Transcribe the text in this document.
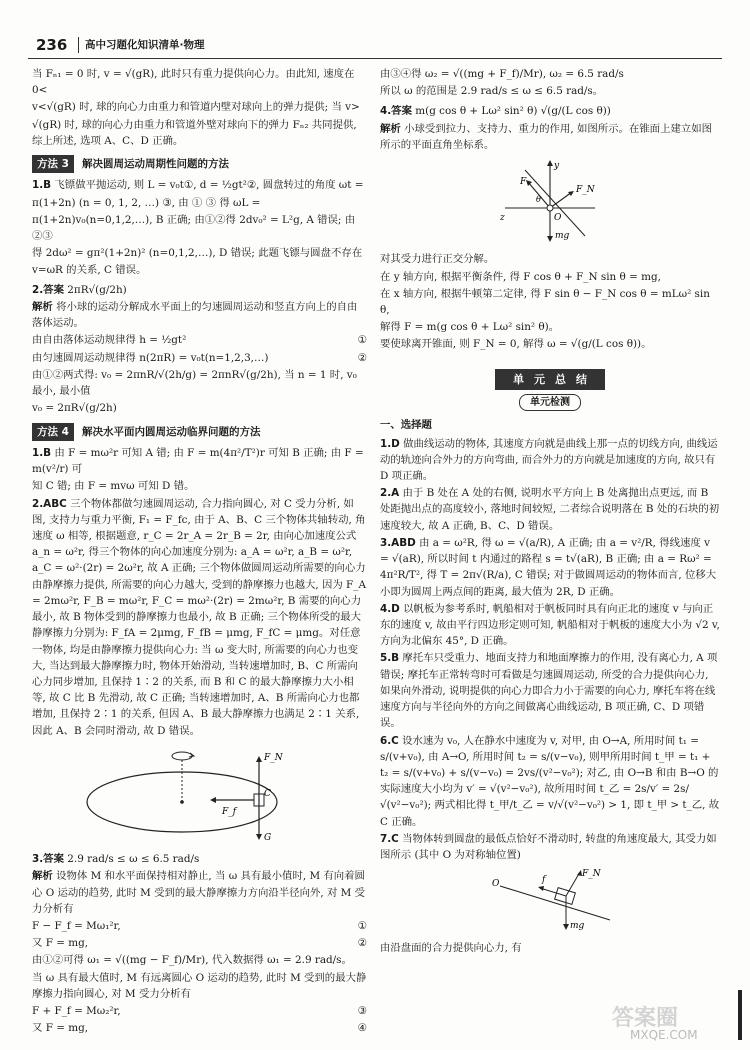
236	高中习题化知识清单·物理

当 Fₙ₁ = 0 时, v = √(gR), 此时只有重力提供向心力。由此知, 速度在 0<

v<√(gR) 时, 球的向心力由重力和管道内壁对球向上的弹力提供; 当 v>

√(gR) 时, 球的向心力由重力和管道外壁对球向下的弹力 Fₙ₂ 共同提供, 综上所述, 选项 A、C、D 正确。

方法 3	解决圆周运动周期性问题的方法

1.B 飞镖做平抛运动, 则 L = v₀t①, d = ½gt²②, 圆盘转过的角度 ωt =

π(1+2n) (n = 0, 1, 2, …) ③, 由 ① ③ 得 ωL =

π(1+2n)v₀(n=0,1,2,…), B 正确; 由①②得 2dv₀² = L²g, A 错误; 由②③

得 2dω² = gπ²(1+2n)² (n=0,1,2,…), D 错误; 此题飞镖与圆盘不存在 v=ωR 的关系, C 错误。

2.答案 2πR√(g/2h)

解析 将小球的运动分解成水平面上的匀速圆周运动和竖直方向上的自由落体运动。

由自由落体运动规律得 h = ½gt²	①

由匀速圆周运动规律得 n(2πR) = v₀t(n=1,2,3,…)	②

由①②两式得: v₀ = 2πnR/√(2h/g) = 2πnR√(g/2h), 当 n = 1 时, v₀ 最小, 最小值

v₀ = 2πR√(g/2h)

方法 4	解决水平面内圆周运动临界问题的方法

1.B 由 F = mω²r 可知 A 错; 由 F = m(4π²/T²)r 可知 B 正确; 由 F = m(v²/r) 可

知 C 错; 由 F = mvω 可知 D 错。

2.ABC 三个物体都做匀速圆周运动, 合力指向圆心, 对 C 受力分析, 如图, 支持力与重力平衡, F₁ = F_fc, 由于 A、B、C 三个物体共轴转动, 角速度 ω 相等, 根据题意, r_C = 2r_A = 2r_B = 2r, 由向心加速度公式 a_n = ω²r, 得三个物体的向心加速度分别为: a_A = ω²r, a_B = ω²r, a_C = ω²·(2r) = 2ω²r, 故 A 正确; 三个物体做圆周运动所需要的向心力由静摩擦力提供, 所需要的向心力越大, 受到的静摩擦力也越大, 因为 F_A = 2mω²r, F_B = mω²r, F_C = mω²·(2r) = 2mω²r, B 需要的向心力最小, 故 B 物体受到的静摩擦力也最小, 故 B 正确; 三个物体所受的最大静摩擦力分别为: F_fA = 2μmg, F_fB = μmg, F_fC = μmg。对任意一物体, 均是由静摩擦力提供向心力: 当 ω 变大时, 所需要的向心力也变大, 当达到最大静摩擦力时, 物体开始滑动, 当转速增加时, B、C 所需向心力同步增加, 且保持 1∶2 的关系, 而 B 和 C 的最大静摩擦力大小相等, 故 C 比 B 先滑动, 故 C 正确; 当转速增加时, A、B 所需向心力也都增加, 且保持 2∶1 的关系, 但因 A、B 最大静摩擦力也满足 2∶1 关系, 因此 A、B 会同时滑动, 故 D 错误。

F_N
F_f
C
G

3.答案 2.9 rad/s ≤ ω ≤ 6.5 rad/s

解析 设物体 M 和水平面保持相对静止, 当 ω 具有最小值时, M 有向着圆心 O 运动的趋势, 此时 M 受到的最大静摩擦力方向沿半径向外, 对 M 受力分析有

F − F_f = Mω₁²r,	①

又 F = mg,	②

由①②可得 ω₁ = √((mg − F_f)/Mr), 代入数据得 ω₁ = 2.9 rad/s。

当 ω 具有最大值时, M 有远离圆心 O 运动的趋势, 此时 M 受到的最大静摩擦力指向圆心, 对 M 受力分析有

F + F_f = Mω₂²r,	③

又 F = mg,	④

由③④得 ω₂ = √((mg + F_f)/Mr), ω₂ = 6.5 rad/s

所以 ω 的范围是 2.9 rad/s ≤ ω ≤ 6.5 rad/s。

4.答案 m(g cos θ + Lω² sin² θ) √(g/(L cos θ))

解析 小球受到拉力、支持力、重力的作用, 如图所示。在锥面上建立如图所示的平面直角坐标系。

y
F
F_N
θ
z	O
mg

对其受力进行正交分解。

在 y 轴方向, 根据平衡条件, 得 F cos θ + F_N sin θ = mg,

在 x 轴方向, 根据牛顿第二定律, 得 F sin θ − F_N cos θ = mLω² sin θ,

解得 F = m(g cos θ + Lω² sin² θ)。

要使球离开锥面, 则 F_N = 0, 解得 ω = √(g/(L cos θ))。

单元总结
单元检测

一、选择题

1.D 做曲线运动的物体, 其速度方向就是曲线上那一点的切线方向, 曲线运动的轨迹向合外力的方向弯曲, 而合外力的方向就是加速度的方向, 故只有 D 项正确。

2.A 由于 B 处在 A 处的右侧, 说明水平方向上 B 处离抛出点更远, 而 B 处距抛出点的高度较小, 落地时间较短, 二者综合说明落在 B 处的石块的初速度较大, 故 A 正确, B、C、D 错误。

3.ABD 由 a = ω²R, 得 ω = √(a/R), A 正确; 由 a = v²/R, 得线速度 v = √(aR), 所以时间 t 内通过的路程 s = t√(aR), B 正确; 由 a = Rω² = 4π²R/T², 得 T = 2π√(R/a), C 错误; 对于做圆周运动的物体而言, 位移大小即为圆周上两点间的距离, 最大值为 2R, D 正确。

4.D 以帆板为参考系时, 帆船相对于帆板同时具有向正北的速度 v 与向正东的速度 v, 故由平行四边形定则可知, 帆船相对于帆板的速度大小为 √2 v, 方向为北偏东 45°, D 正确。

5.B 摩托车只受重力、地面支持力和地面摩擦力的作用, 没有离心力, A 项错误; 摩托车正常转弯时可看做是匀速圆周运动, 所受的合力提供向心力, 如果向外滑动, 说明提供的向心力即合力小于需要的向心力, 摩托车将在线速度方向与半径向外的方向之间做离心曲线运动, B 项正确, C、D 项错误。

6.C 设水速为 v₀, 人在静水中速度为 v, 对甲, 由 O→A, 所用时间 t₁ = s/(v+v₀), 由 A→O, 所用时间 t₂ = s/(v−v₀), 则甲所用时间 t_甲 = t₁ + t₂ = s/(v+v₀) + s/(v−v₀) = 2vs/(v²−v₀²); 对乙, 由 O→B 和由 B→O 的实际速度大小均为 v′ = √(v²−v₀²), 故所用时间 t_乙 = 2s/v′ = 2s/√(v²−v₀²); 两式相比得 t_甲/t_乙 = v/√(v²−v₀²) > 1, 即 t_甲 > t_乙, 故 C 正确。

7.C 当物体转到圆盘的最低点恰好不滑动时, 转盘的角速度最大, 其受力如图所示 (其中 O 为对称轴位置)

f
F_N
O
mg

由沿盘面的合力提供向心力, 有

答案圈
MXQE.COM
